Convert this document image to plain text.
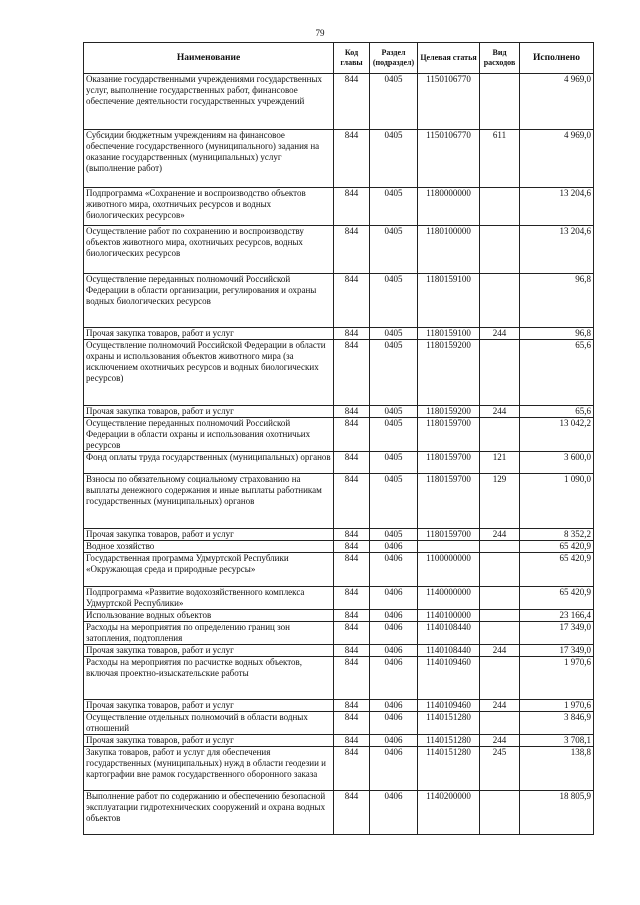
79
Наименование	Код главы	Раздел (подраздел)	Целевая статья	Вид расходов	Исполнено
Оказание государственными учреждениями государственных услуг, выполнение государственных работ, финансовое обеспечение деятельности государственных учреждений	844	0405	1150106770		4 969,0
Субсидии бюджетным учреждениям на финансовое обеспечение государственного (муниципального) задания на оказание государственных (муниципальных) услуг (выполнение работ)	844	0405	1150106770	611	4 969,0
Подпрограмма «Сохранение и воспроизводство объектов животного мира, охотничьих ресурсов и водных биологических ресурсов»	844	0405	1180000000		13 204,6
Осуществление работ по сохранению и воспроизводству объектов животного мира, охотничьих ресурсов, водных биологических ресурсов	844	0405	1180100000		13 204,6
Осуществление переданных полномочий Российской Федерации в области организации, регулирования и охраны водных биологических ресурсов	844	0405	1180159100		96,8
Прочая закупка товаров, работ и услуг	844	0405	1180159100	244	96,8
Осуществление полномочий Российской Федерации в области охраны и использования объектов животного мира (за исключением охотничьих ресурсов и водных биологических ресурсов)	844	0405	1180159200		65,6
Прочая закупка товаров, работ и услуг	844	0405	1180159200	244	65,6
Осуществление переданных полномочий Российской Федерации в области охраны и использования охотничьих ресурсов	844	0405	1180159700		13 042,2
Фонд оплаты труда государственных (муниципальных) органов	844	0405	1180159700	121	3 600,0
Взносы по обязательному социальному страхованию на выплаты денежного содержания и иные выплаты работникам государственных (муниципальных) органов	844	0405	1180159700	129	1 090,0
Прочая закупка товаров, работ и услуг	844	0405	1180159700	244	8 352,2
Водное хозяйство	844	0406			65 420,9
Государственная программа Удмуртской Республики «Окружающая среда и природные ресурсы»	844	0406	1100000000		65 420,9
Подпрограмма «Развитие водохозяйственного комплекса Удмуртской Республики»	844	0406	1140000000		65 420,9
Использование водных объектов	844	0406	1140100000		23 166,4
Расходы на мероприятия по определению границ зон затопления, подтопления	844	0406	1140108440		17 349,0
Прочая закупка товаров, работ и услуг	844	0406	1140108440	244	17 349,0
Расходы на мероприятия по расчистке водных объектов, включая проектно-изыскательские работы	844	0406	1140109460		1 970,6
Прочая закупка товаров, работ и услуг	844	0406	1140109460	244	1 970,6
Осуществление отдельных полномочий в области водных отношений	844	0406	1140151280		3 846,9
Прочая закупка товаров, работ и услуг	844	0406	1140151280	244	3 708,1
Закупка товаров, работ и услуг для обеспечения государственных (муниципальных) нужд в области геодезии и картографии вне рамок государственного оборонного заказа	844	0406	1140151280	245	138,8
Выполнение работ по содержанию и обеспечению безопасной эксплуатации гидротехнических сооружений и охрана водных объектов	844	0406	1140200000		18 805,9
